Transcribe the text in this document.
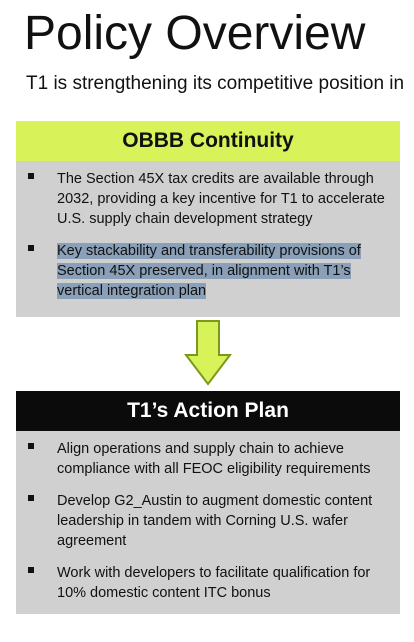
Policy Overview
T1 is strengthening its competitive position in
OBBB Continuity
The Section 45X tax credits are available through 2032, providing a key incentive for T1 to accelerate U.S. supply chain development strategy
Key stackability and transferability provisions of Section 45X preserved, in alignment with T1’s vertical integration plan
T1’s Action Plan
Align operations and supply chain to achieve compliance with all FEOC eligibility requirements
Develop G2_Austin to augment domestic content leadership in tandem with Corning U.S. wafer agreement
Work with developers to facilitate qualification for 10% domestic content ITC bonus
